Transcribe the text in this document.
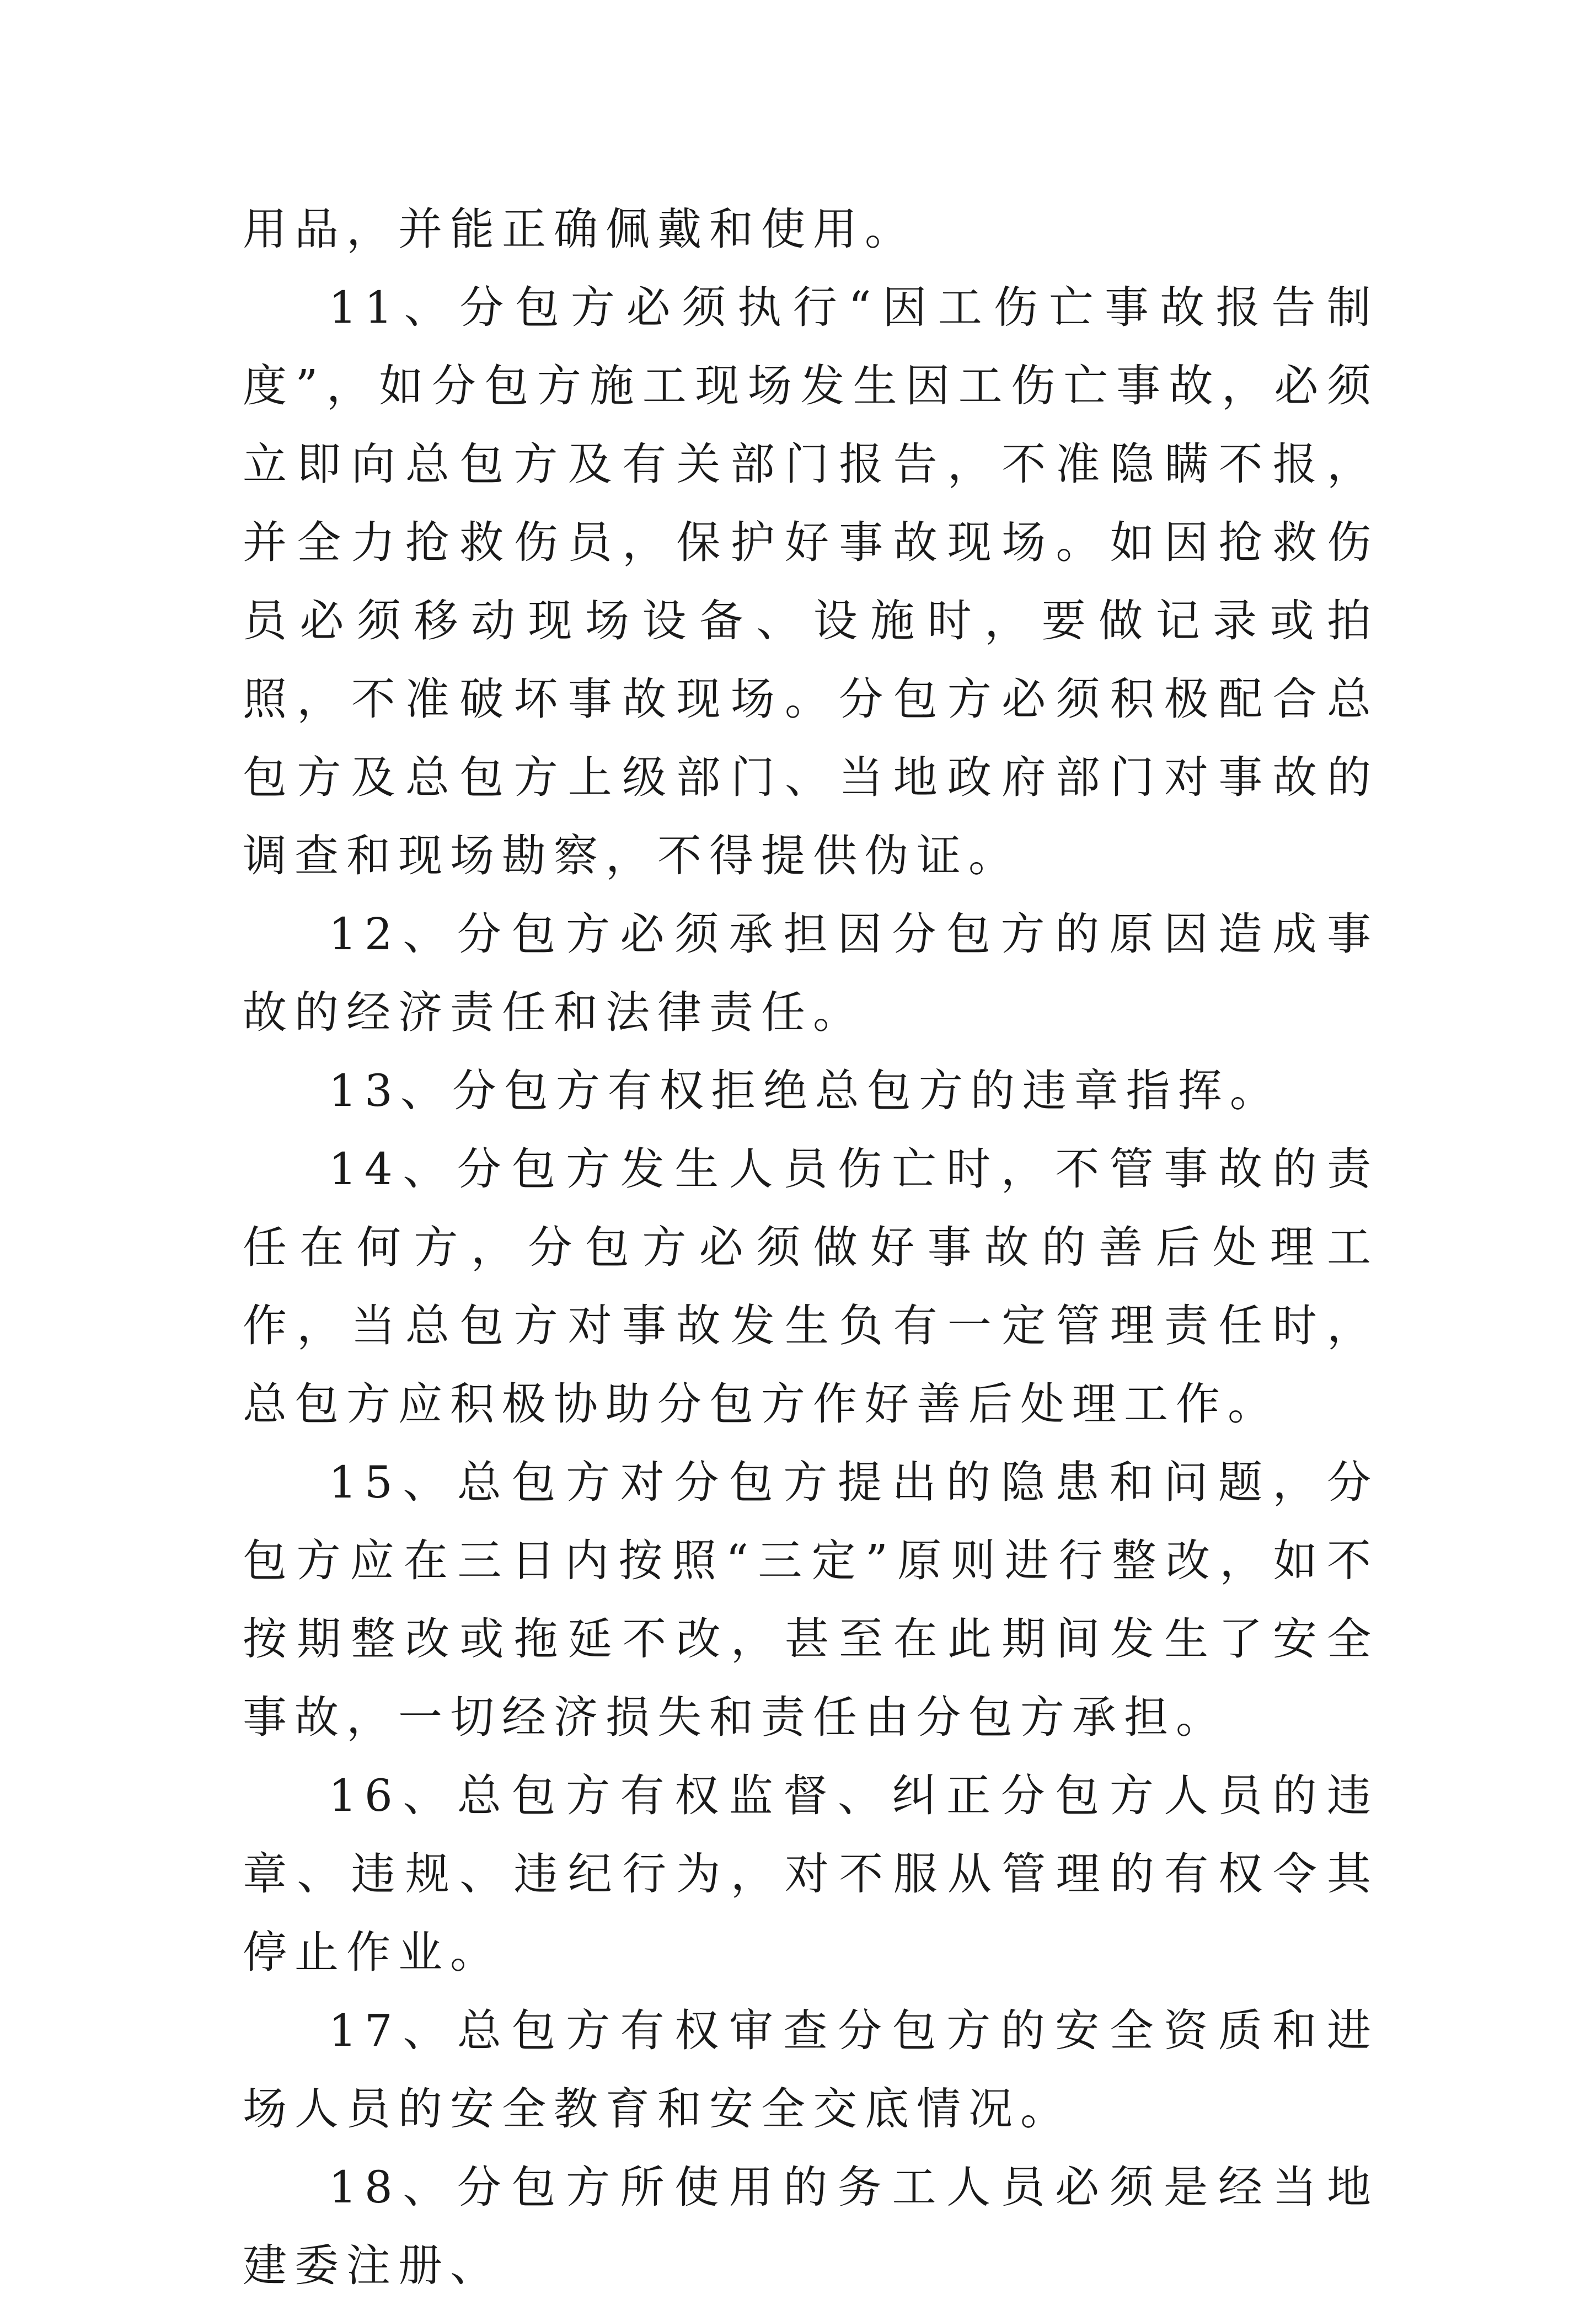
用品，并能正确佩戴和使用。

11、分包方必须执行“因工伤亡事故报告制度”，如分包方施工现场发生因工伤亡事故，必须立即向总包方及有关部门报告，不准隐瞒不报，并全力抢救伤员，保护好事故现场。如因抢救伤员必须移动现场设备、设施时，要做记录或拍照，不准破坏事故现场。分包方必须积极配合总包方及总包方上级部门、当地政府部门对事故的调查和现场勘察，不得提供伪证。

12、分包方必须承担因分包方的原因造成事故的经济责任和法律责任。

13、分包方有权拒绝总包方的违章指挥。

14、分包方发生人员伤亡时，不管事故的责任在何方，分包方必须做好事故的善后处理工作，当总包方对事故发生负有一定管理责任时，总包方应积极协助分包方作好善后处理工作。

15、总包方对分包方提出的隐患和问题，分包方应在三日内按照“三定”原则进行整改，如不按期整改或拖延不改，甚至在此期间发生了安全事故，一切经济损失和责任由分包方承担。

16、总包方有权监督、纠正分包方人员的违章、违规、违纪行为，对不服从管理的有权令其停止作业。

17、总包方有权审查分包方的安全资质和进场人员的安全教育和安全交底情况。

18、分包方所使用的务工人员必须是经当地建委注册、
